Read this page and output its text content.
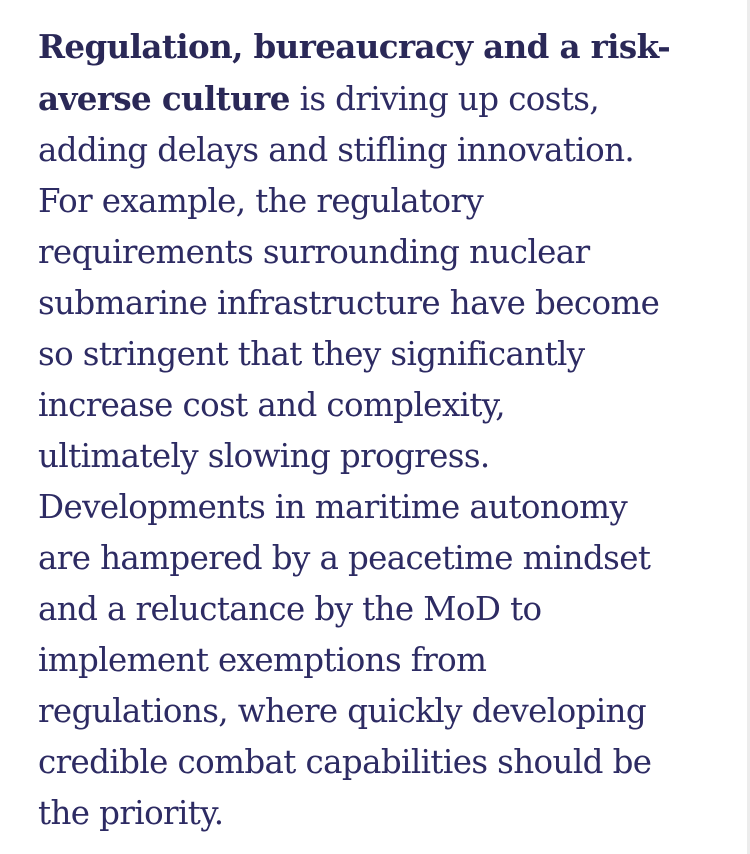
Regulation, bureaucracy and a risk-
averse culture is driving up costs,
adding delays and stifling innovation.
For example, the regulatory
requirements surrounding nuclear
submarine infrastructure have become
so stringent that they significantly
increase cost and complexity,
ultimately slowing progress.
Developments in maritime autonomy
are hampered by a peacetime mindset
and a reluctance by the MoD to
implement exemptions from
regulations, where quickly developing
credible combat capabilities should be
the priority.
